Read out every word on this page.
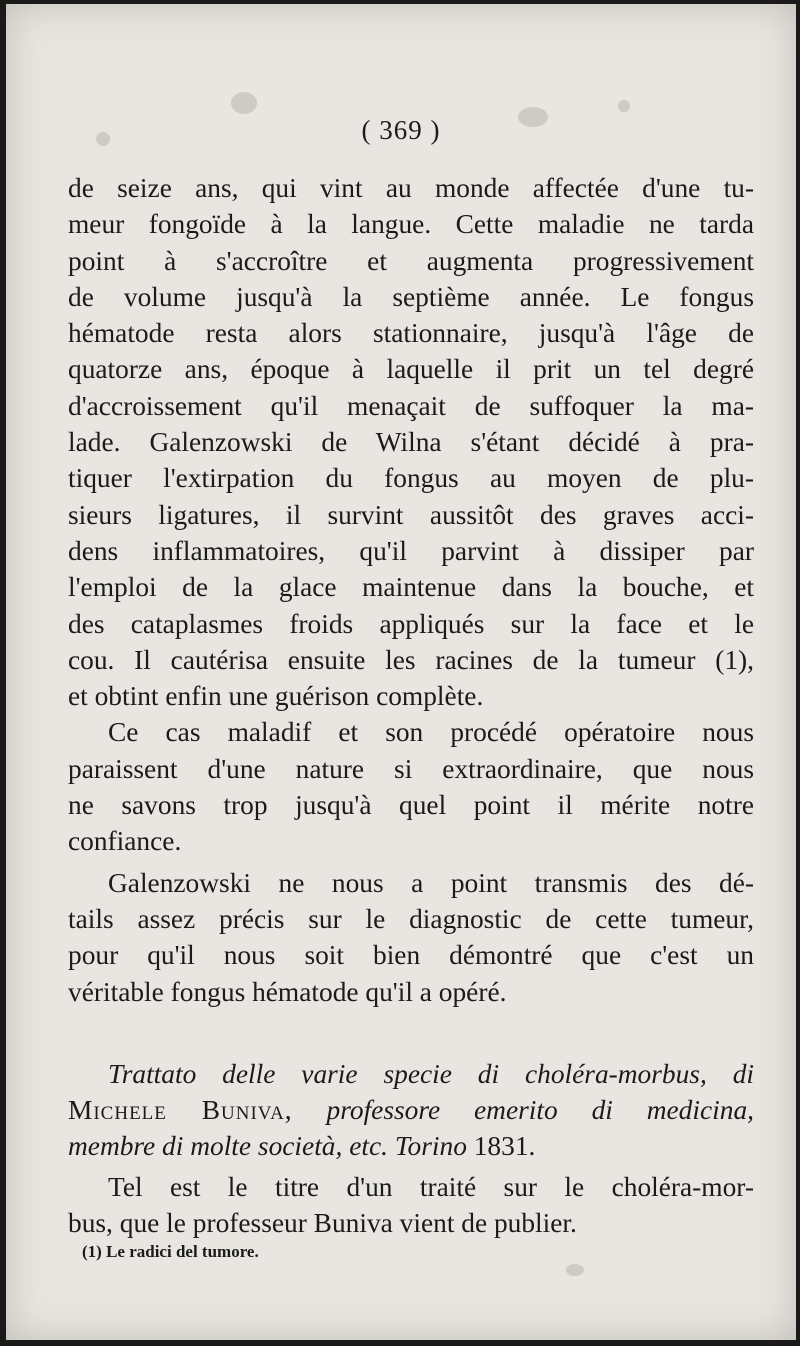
( 369 )
de seize ans, qui vint au monde affectée d'une tu-
meur fongoïde à la langue. Cette maladie ne tarda
point à s'accroître et augmenta progressivement
de volume jusqu'à la septième année. Le fongus
hématode resta alors stationnaire, jusqu'à l'âge de
quatorze ans, époque à laquelle il prit un tel degré
d'accroissement qu'il menaçait de suffoquer la ma-
lade. Galenzowski de Wilna s'étant décidé à pra-
tiquer l'extirpation du fongus au moyen de plu-
sieurs ligatures, il survint aussitôt des graves acci-
dens inflammatoires, qu'il parvint à dissiper par
l'emploi de la glace maintenue dans la bouche, et
des cataplasmes froids appliqués sur la face et le
cou. Il cautérisa ensuite les racines de la tumeur (1),
et obtint enfin une guérison complète.
Ce cas maladif et son procédé opératoire nous
paraissent d'une nature si extraordinaire, que nous
ne savons trop jusqu'à quel point il mérite notre
confiance.
Galenzowski ne nous a point transmis des dé-
tails assez précis sur le diagnostic de cette tumeur,
pour qu'il nous soit bien démontré que c'est un
véritable fongus hématode qu'il a opéré.
Trattato delle varie specie di choléra-morbus, di
Michele Buniva, professore emerito di medicina,
membre di molte società, etc. Torino 1831.
Tel est le titre d'un traité sur le choléra-mor-
bus, que le professeur Buniva vient de publier.
(1) Le radici del tumore.
